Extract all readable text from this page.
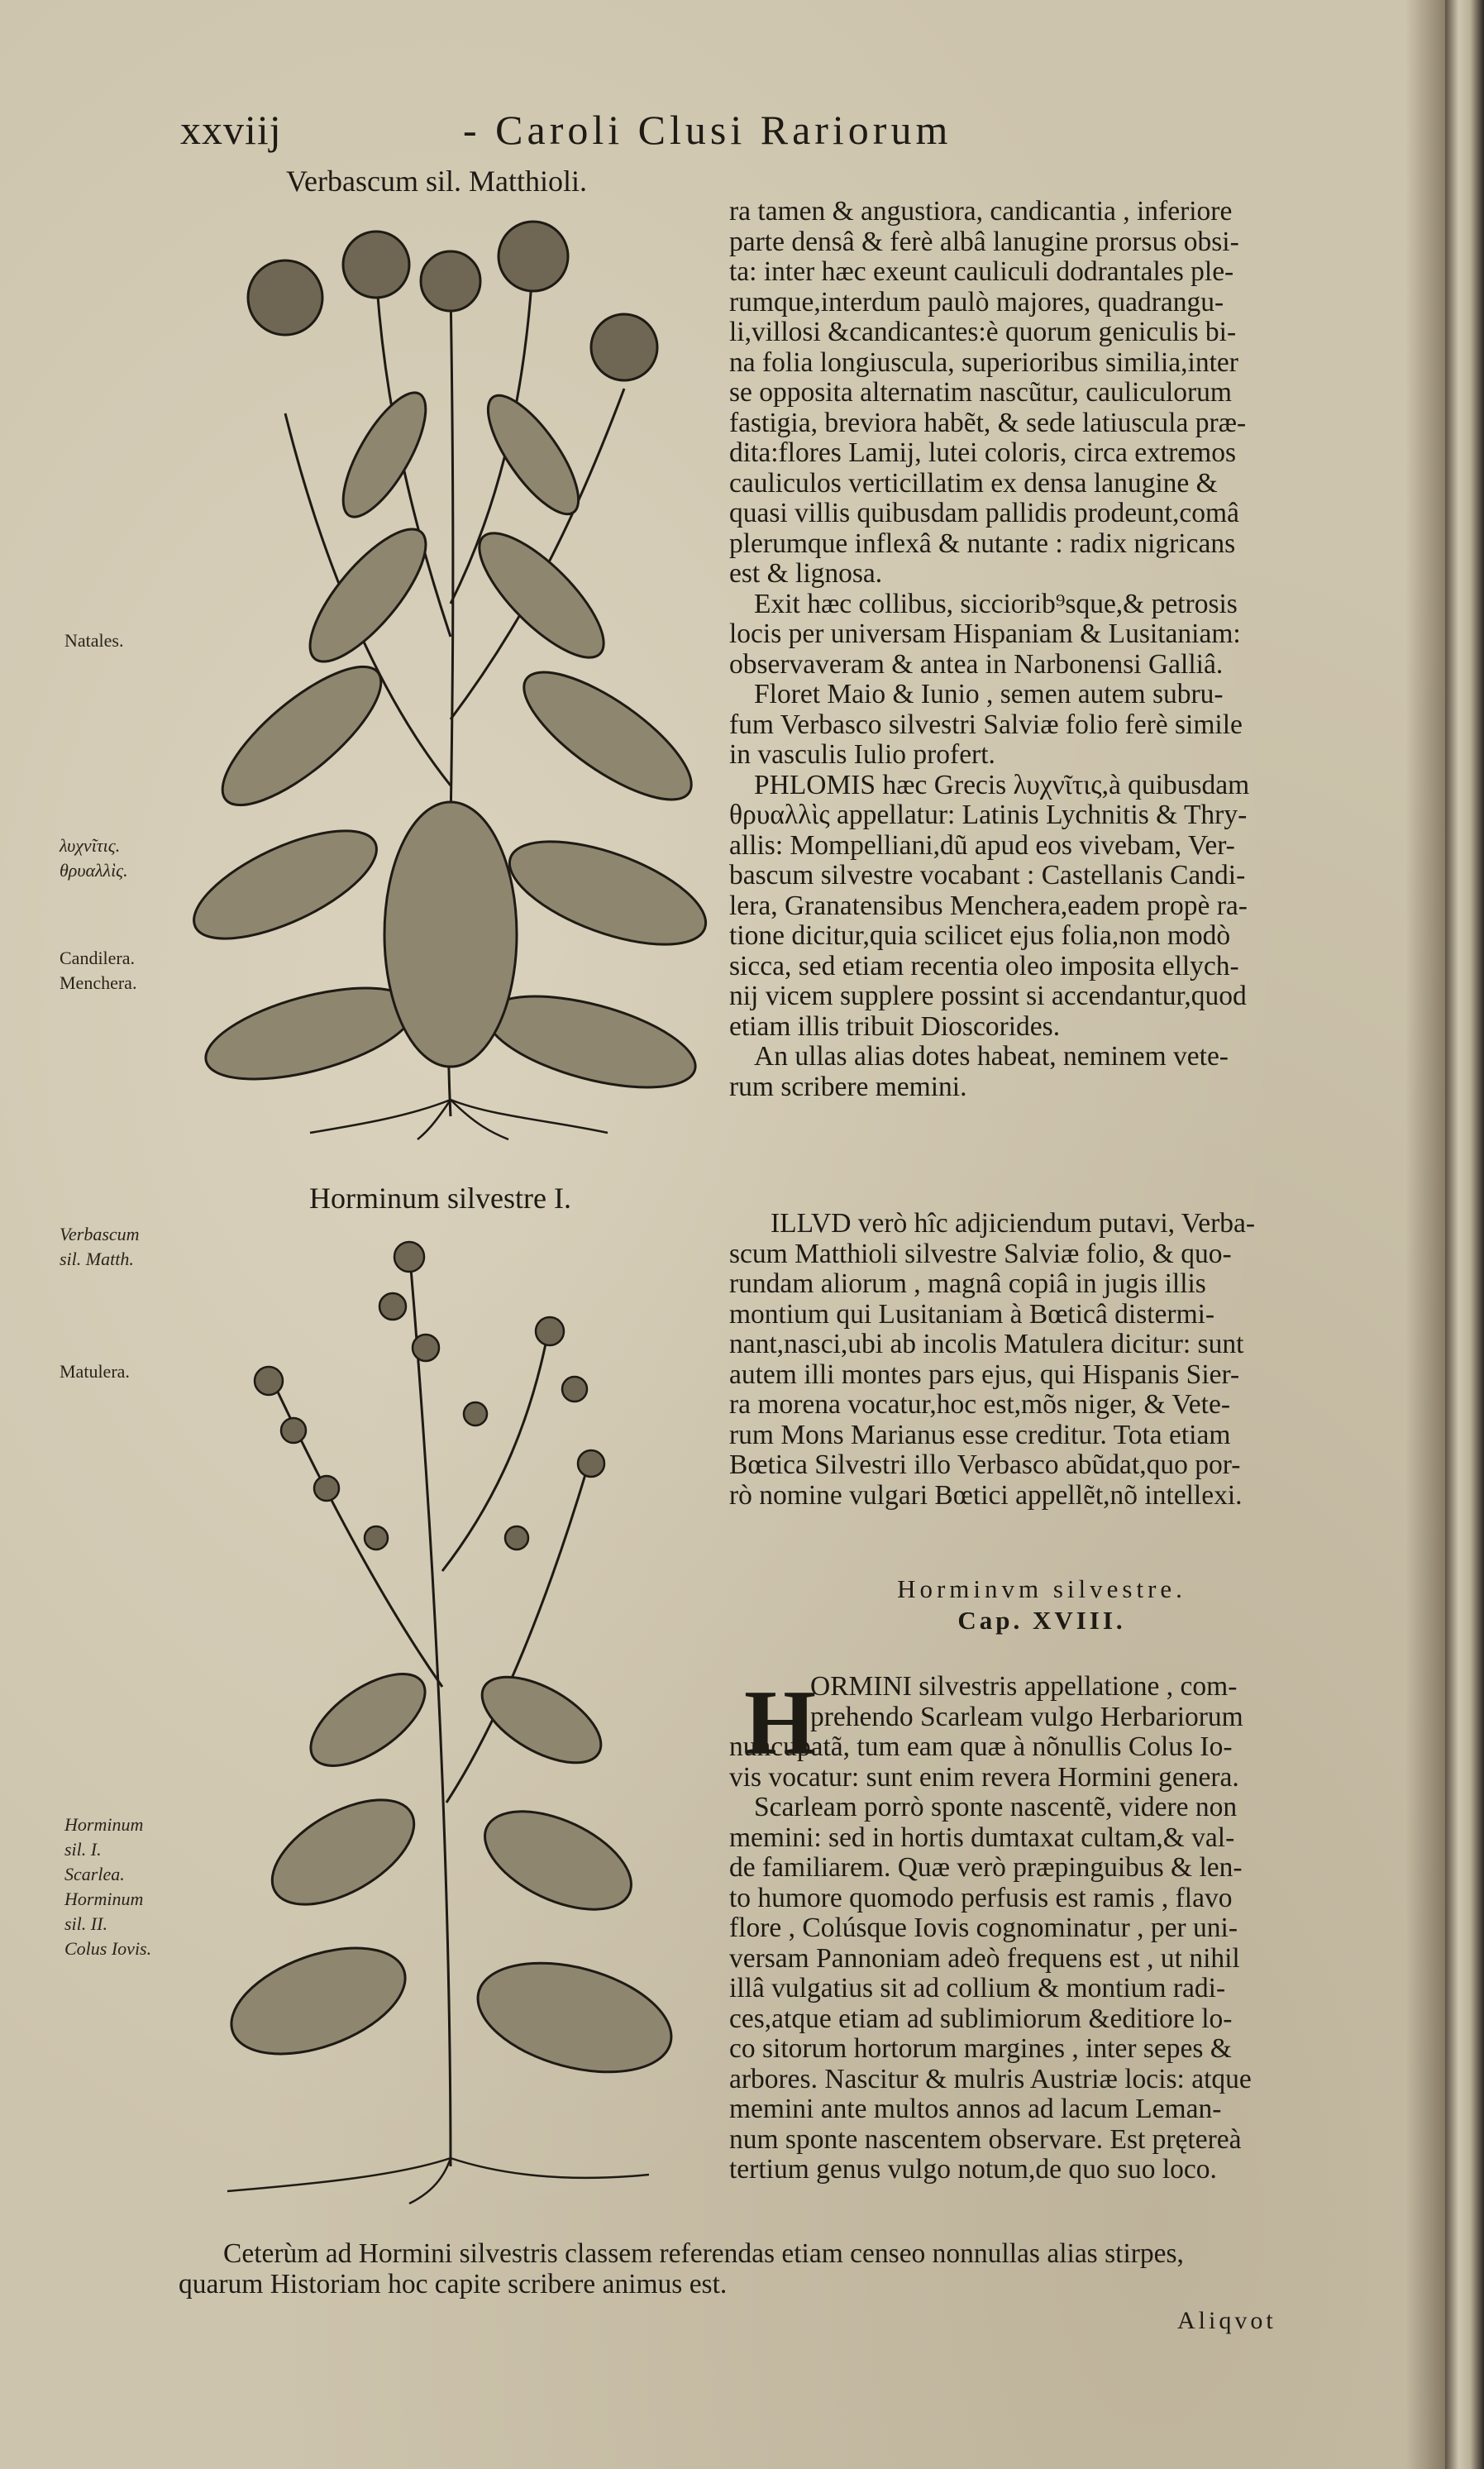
xxviij	- Caroli Clusi Rariorum
Verbascum sil. Matthioli.
Horminum silvestre I.
Natales.
λυχνῖτις. θρυαλλὶς.
Candilera. Menchera.
Verbascum sil. Matth.
Matulera.
Horminum sil. I. Scarlea. Horminum sil. II. Colus Iovis.
ra tamen & angustiora, candicantia , inferiore
parte densâ & ferè albâ lanugine prorsus obsi-
ta: inter hæc exeunt cauliculi dodrantales ple-
rumque,interdum paulò majores, quadrangu-
li,villosi &candicantes:è quorum geniculis bi-
na folia longiuscula, superioribus similia,inter
se opposita alternatim nascũtur, cauliculorum
fastigia, breviora habẽt, & sede latiuscula præ-
dita:flores Lamij, lutei coloris, circa extremos
cauliculos verticillatim ex densa lanugine &
quasi villis quibusdam pallidis prodeunt,comâ
plerumque inflexâ & nutante : radix nigricans
est & lignosa.
Exit hæc collibus, sicciorib⁹sque,& petrosis
locis per universam Hispaniam & Lusitaniam:
observaveram & antea in Narbonensi Galliâ.
Floret Maio & Iunio , semen autem subru-
fum Verbasco silvestri Salviæ folio ferè simile
in vasculis Iulio profert.
PHLOMIS hæc Grecis λυχνῖτις,à quibusdam
θρυαλλὶς appellatur: Latinis Lychnitis & Thry-
allis: Mompelliani,dũ apud eos vivebam, Ver-
bascum silvestre vocabant : Castellanis Candi-
lera, Granatensibus Menchera,eadem propè ra-
tione dicitur,quia scilicet ejus folia,non modò
sicca, sed etiam recentia oleo imposita ellych-
nij vicem supplere possint si accendantur,quod
etiam illis tribuit Dioscorides.
An ullas alias dotes habeat, neminem vete-
rum scribere memini.
ILLVD verò hîc adjiciendum putavi, Verba-
scum Matthioli silvestre Salviæ folio, & quo-
rundam aliorum , magnâ copiâ in jugis illis
montium qui Lusitaniam à Bœticâ distermi-
nant,nasci,ubi ab incolis Matulera dicitur: sunt
autem illi montes pars ejus, qui Hispanis Sier-
ra morena vocatur,hoc est,mõs niger, & Vete-
rum Mons Marianus esse creditur. Tota etiam
Bœtica Silvestri illo Verbasco abũdat,quo por-
rò nomine vulgari Bœtici appellẽt,nõ intellexi.
Horminvm silvestre.
Cap. XVIII.
H
ORMINI silvestris appellatione , com-
prehendo Scarleam vulgo Herbariorum
nuncupatã, tum eam quæ à nõnullis Colus Io-
vis vocatur: sunt enim revera Hormini genera.
Scarleam porrò sponte nascentẽ, videre non
memini: sed in hortis dumtaxat cultam,& val-
de familiarem. Quæ verò præpinguibus & len-
to humore quomodo perfusis est ramis , flavo
flore , Colúsque Iovis cognominatur , per uni-
versam Pannoniam adeò frequens est , ut nihil
illâ vulgatius sit ad collium & montium radi-
ces,atque etiam ad sublimiorum &editiore lo-
co sitorum hortorum margines , inter sepes &
arbores. Nascitur & mulris Austriæ locis: atque
memini ante multos annos ad lacum Leman-
num sponte nascentem observare. Est prętereà
tertium genus vulgo notum,de quo suo loco.
Ceterùm ad Hormini silvestris classem referendas etiam censeo nonnullas alias stirpes,
quarum Historiam hoc capite scribere animus est.
Aliqvot
